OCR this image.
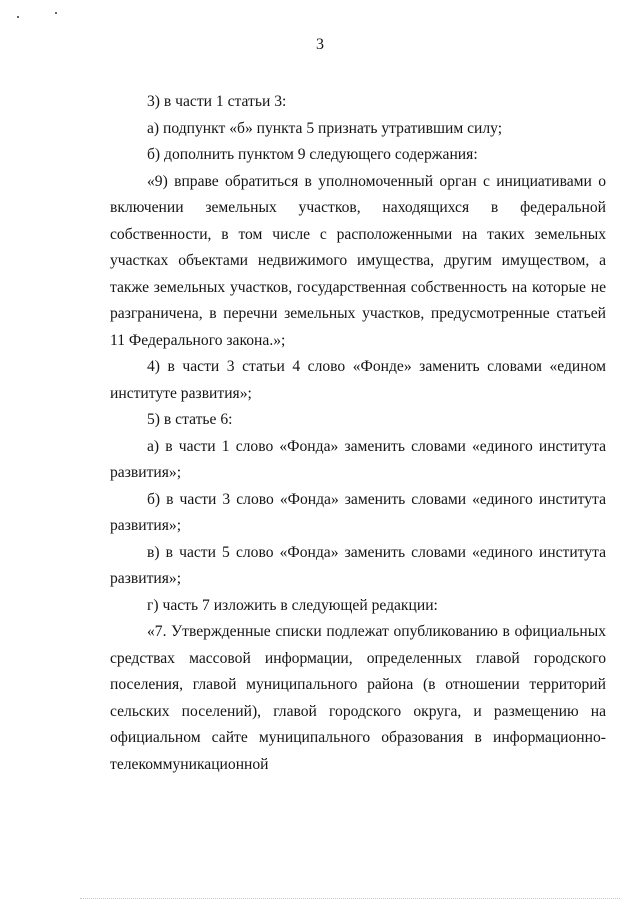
3

3) в части 1 статьи 3:

а) подпункт «б» пункта 5 признать утратившим силу;

б) дополнить пунктом 9 следующего содержания:

«9) вправе обратиться в уполномоченный орган с инициативами о включении земельных участков, находящихся в федеральной собственности, в том числе с расположенными на таких земельных участках объектами недвижимого имущества, другим имуществом, а также земельных участков, государственная собственность на которые не разграничена, в перечни земельных участков, предусмотренные статьей 11 Федерального закона.»;

4) в части 3 статьи 4 слово «Фонде» заменить словами «едином институте развития»;

5) в статье 6:

а) в части 1 слово «Фонда» заменить словами «единого института развития»;

б) в части 3 слово «Фонда» заменить словами «единого института развития»;

в) в части 5 слово «Фонда» заменить словами «единого института развития»;

г) часть 7 изложить в следующей редакции:

«7. Утвержденные списки подлежат опубликованию в официальных средствах массовой информации, определенных главой городского поселения, главой муниципального района (в отношении территорий сельских поселений), главой городского округа, и размещению на официальном сайте муниципального образования в информационно-телекоммуникационной
